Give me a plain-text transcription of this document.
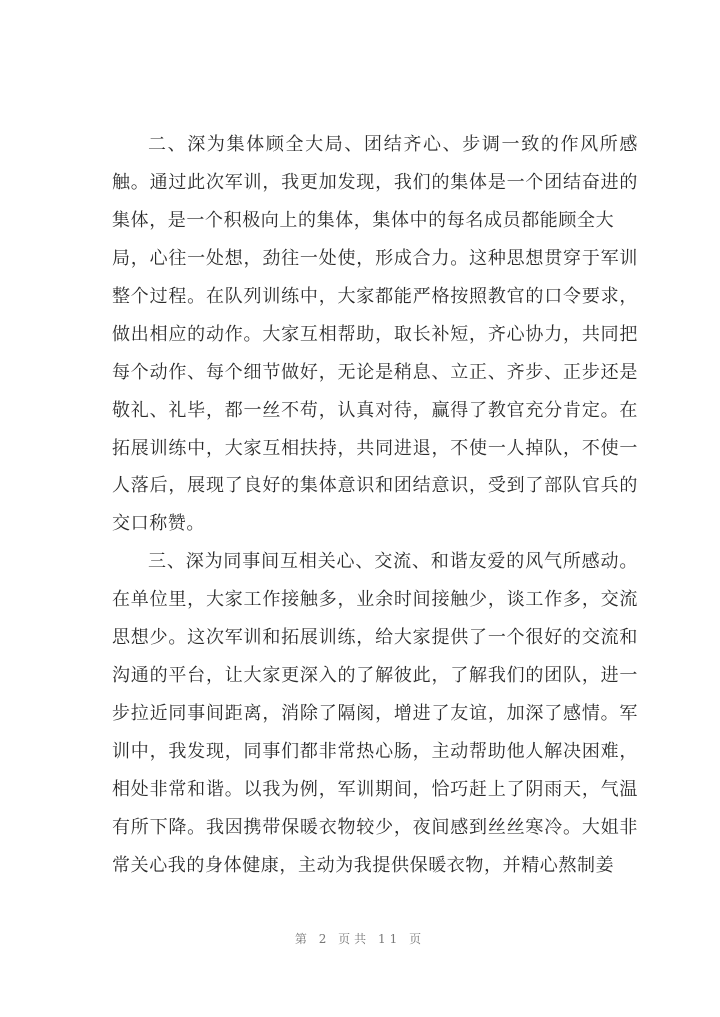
二、深为集体顾全大局、团结齐心、步调一致的作风所感
触。通过此次军训，我更加发现，我们的集体是一个团结奋进的
集体，是一个积极向上的集体，集体中的每名成员都能顾全大
局，心往一处想，劲往一处使，形成合力。这种思想贯穿于军训
整个过程。在队列训练中，大家都能严格按照教官的口令要求，
做出相应的动作。大家互相帮助，取长补短，齐心协力，共同把
每个动作、每个细节做好，无论是稍息、立正、齐步、正步还是
敬礼、礼毕，都一丝不苟，认真对待，赢得了教官充分肯定。在
拓展训练中，大家互相扶持，共同进退，不使一人掉队，不使一
人落后，展现了良好的集体意识和团结意识，受到了部队官兵的
交口称赞。
三、深为同事间互相关心、交流、和谐友爱的风气所感动。
在单位里，大家工作接触多，业余时间接触少，谈工作多，交流
思想少。这次军训和拓展训练，给大家提供了一个很好的交流和
沟通的平台，让大家更深入的了解彼此，了解我们的团队，进一
步拉近同事间距离，消除了隔阂，增进了友谊，加深了感情。军
训中，我发现，同事们都非常热心肠，主动帮助他人解决困难，
相处非常和谐。以我为例，军训期间，恰巧赶上了阴雨天，气温
有所下降。我因携带保暖衣物较少，夜间感到丝丝寒冷。大姐非
常关心我的身体健康，主动为我提供保暖衣物，并精心熬制姜
第 2 页共 11 页
